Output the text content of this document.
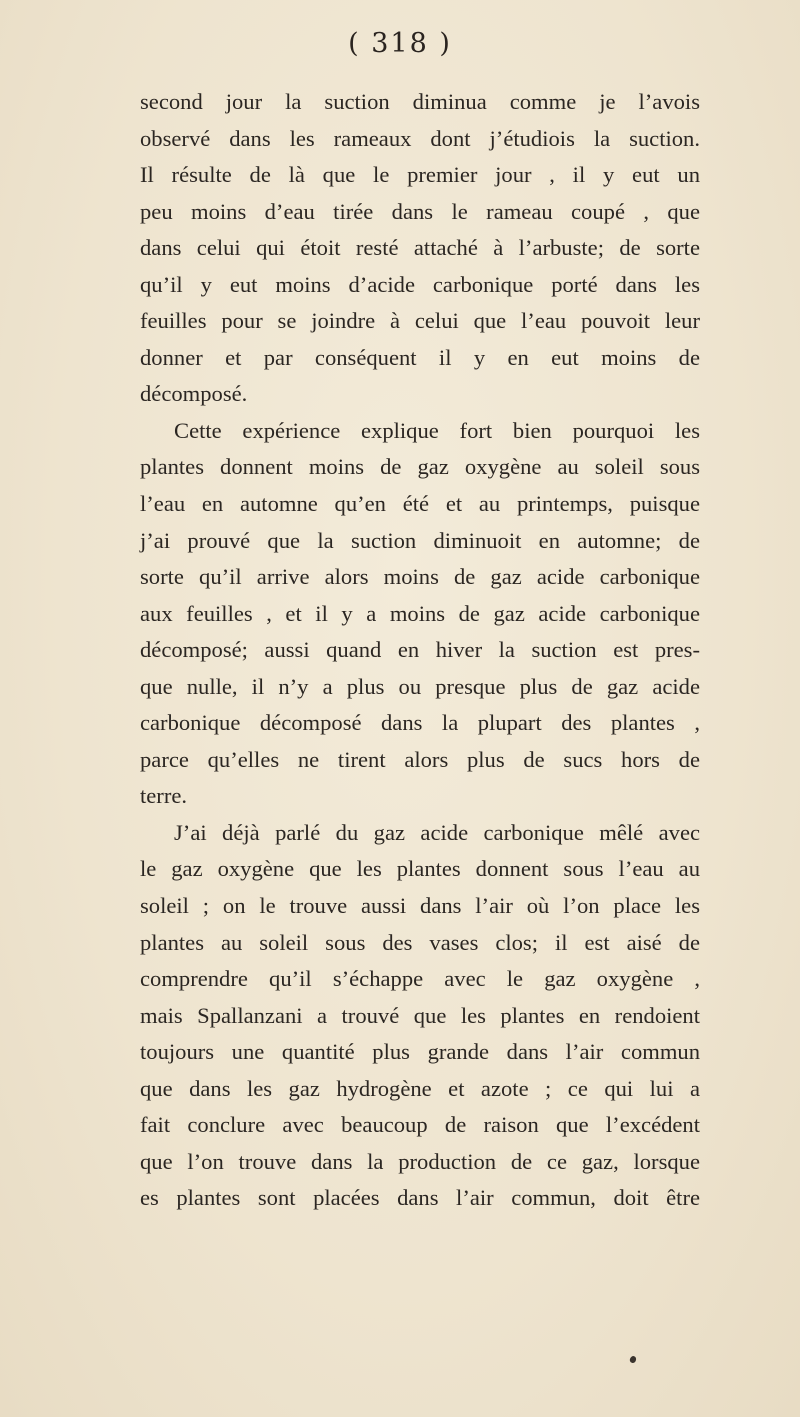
( 318 )
second jour la suction diminua comme je l’avois
observé dans les rameaux dont j’étudiois la suction.
Il résulte de là que le premier jour , il y eut un
peu moins d’eau tirée dans le rameau coupé , que
dans celui qui étoit resté attaché à l’arbuste; de sorte
qu’il y eut moins d’acide carbonique porté dans les
feuilles pour se joindre à celui que l’eau pouvoit leur
donner et par conséquent il y en eut moins de
décomposé.
Cette expérience explique fort bien pourquoi les
plantes donnent moins de gaz oxygène au soleil sous
l’eau en automne qu’en été et au printemps, puisque
j’ai prouvé que la suction diminuoit en automne; de
sorte qu’il arrive alors moins de gaz acide carbonique
aux feuilles , et il y a moins de gaz acide carbonique
décomposé; aussi quand en hiver la suction est pres-
que nulle, il n’y a plus ou presque plus de gaz acide
carbonique décomposé dans la plupart des plantes ,
parce qu’elles ne tirent alors plus de sucs hors de
terre.
J’ai déjà parlé du gaz acide carbonique mêlé avec
le gaz oxygène que les plantes donnent sous l’eau au
soleil ; on le trouve aussi dans l’air où l’on place les
plantes au soleil sous des vases clos; il est aisé de
comprendre qu’il s’échappe avec le gaz oxygène ,
mais Spallanzani a trouvé que les plantes en rendoient
toujours une quantité plus grande dans l’air commun
que dans les gaz hydrogène et azote ; ce qui lui a
fait conclure avec beaucoup de raison que l’excédent
que l’on trouve dans la production de ce gaz, lorsque
es plantes sont placées dans l’air commun, doit être
